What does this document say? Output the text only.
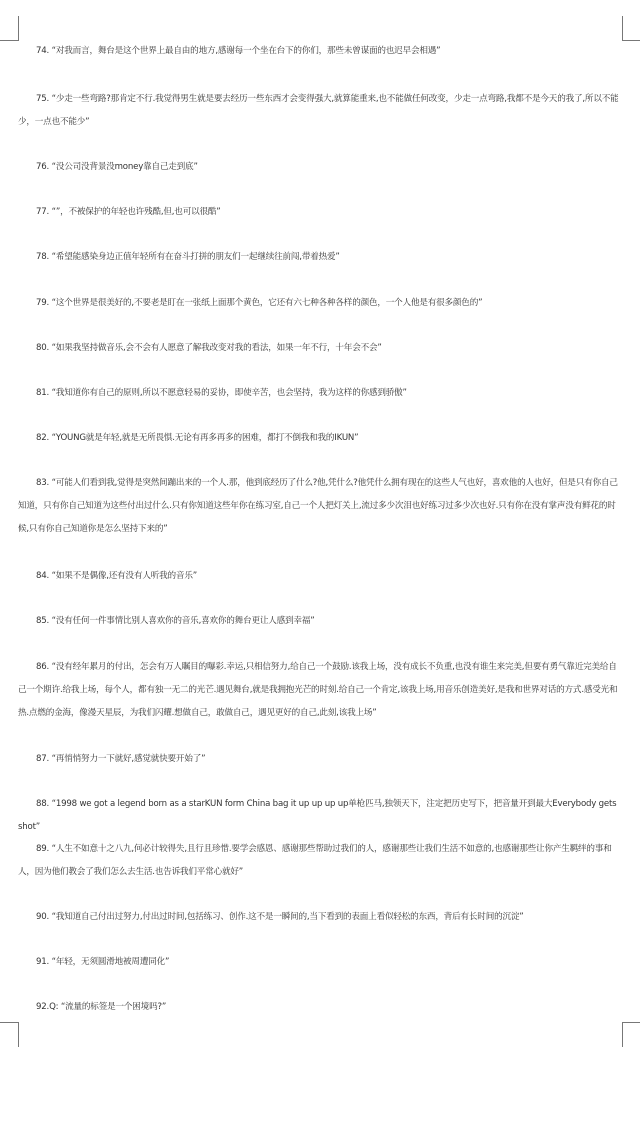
74. “对我而言，舞台是这个世界上最自由的地方,感谢每一个坐在台下的你们，那些未曾谋面的也迟早会相遇”
75. “少走一些弯路?那肯定不行.我觉得男生就是要去经历一些东西才会变得强大,就算能重来,也不能做任何改变，少走一点弯路,我都不是今天的我了,所以不能少，一点也不能少”
76. “没公司没背景没money靠自己走到底”
77. “”，不被保护的年轻也许残酷,但,也可以很酷”
78. “希望能感染身边正值年轻所有在奋斗打拼的朋友们一起继续往前闯,带着热爱”
79. “这个世界是很美好的,不要老是盯在一张纸上面那个黄色，它还有六七种各种各样的颜色，一个人他是有很多颜色的”
80. “如果我坚持做音乐,会不会有人愿意了解我改变对我的看法，如果一年不行，十年会不会”
81. “我知道你有自己的原则,所以不愿意轻易的妥协，即使辛苦，也会坚持，我为这样的你感到骄傲”
82. “YOUNG就是年轻,就是无所畏惧.无论有再多再多的困难，都打不倒我和我的IKUN”
83. “可能人们看到我,觉得是突然间蹦出来的一个人.那，他到底经历了什么?他,凭什么?他凭什么拥有现在的这些人气也好，喜欢他的人也好，但是只有你自己知道，只有你自己知道为这些付出过什么.只有你知道这些年你在练习室,自己一个人把灯关上,流过多少次泪也好练习过多少次也好.只有你在没有掌声没有鲜花的时候,只有你自己知道你是怎么坚持下来的”
84. “如果不是偶像,还有没有人听我的音乐”
85. “没有任何一件事情比别人喜欢你的音乐,喜欢你的舞台更让人感到幸福”
86. “没有经年累月的付出，怎会有万人瞩目的曝彩.幸运,只相信努力,给自己一个鼓励.该我上场，没有成长不负重,也没有谁生来完美,但要有勇气靠近完美给自己一个期许.给我上场，每个人，都有独一无二的光芒.遇见舞台,就是我拥抱光芒的时刻.给自己一个肯定,该我上场,用音乐创造美好,是我和世界对话的方式.感受光和热.点燃的金海，像漫天星辰，为我们闪耀.想做自己，敢做自己，遇见更好的自己,此刻,该我上场”
87. “再悄悄努力一下就好,感觉就快要开始了”
88. “1998 we got a legend born as a starKUN form China bag it up up up up单枪匹马,独领天下，注定把历史写下，把音量开到最大Everybody gets shot”
89. “人生不如意十之八九,何必计较得失,且行且珍惜.要学会感恩、感谢那些帮助过我们的人，感谢那些让我们生活不如意的,也感谢那些让你产生羁绊的事和人，因为他们教会了我们怎么去生活.也告诉我们平常心就好”
90. “我知道自己付出过努力,付出过时间,包括练习、创作.这不是一瞬间的,当下看到的表面上看似轻松的东西，背后有长时间的沉淀”
91. “年轻，无须圆滑地被周遭同化”
92.Q: “流量的标签是一个困境吗?”
